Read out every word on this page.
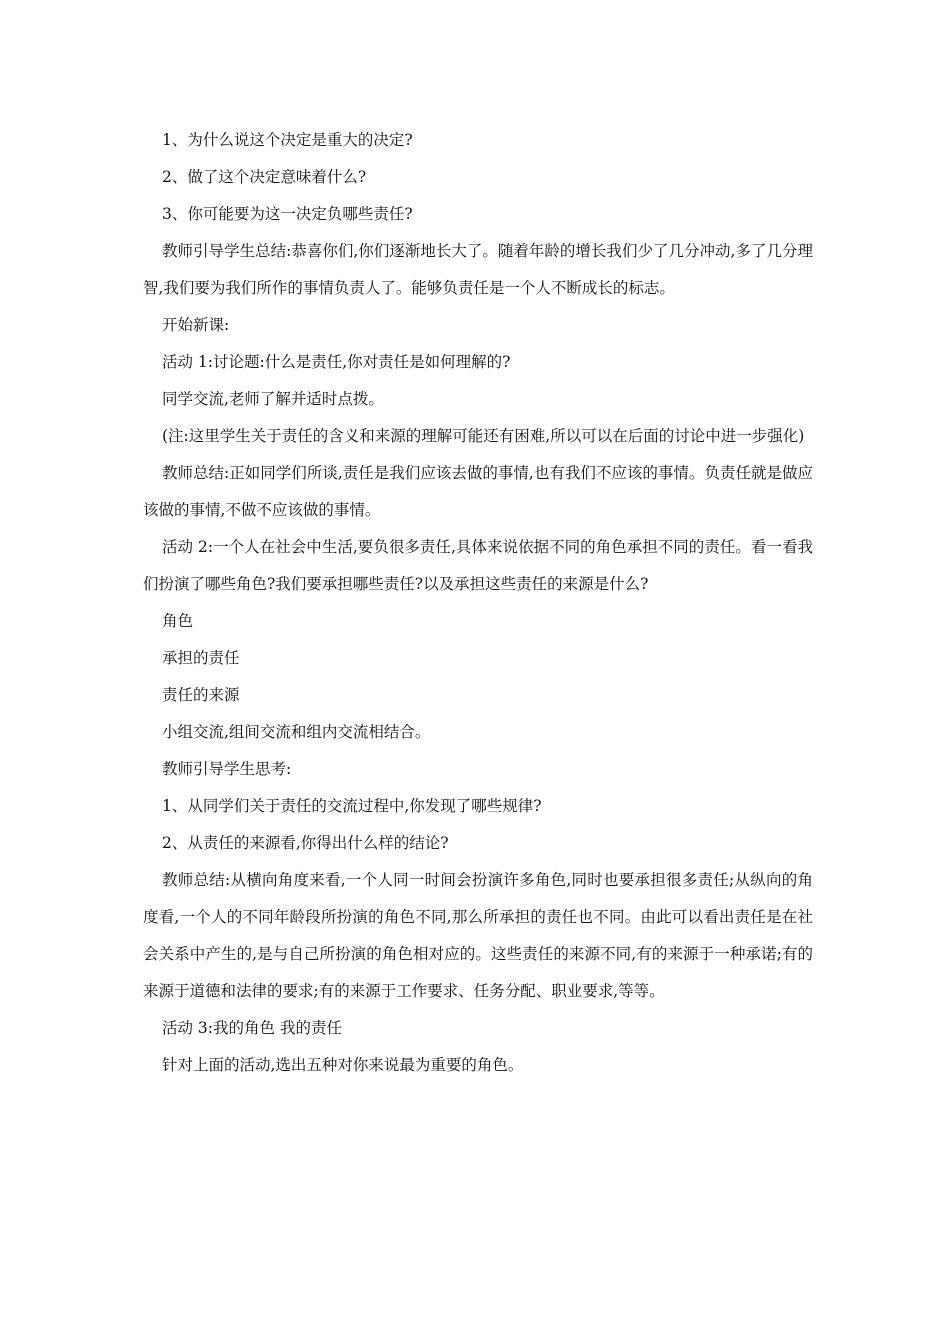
1、为什么说这个决定是重大的决定?

2、做了这个决定意味着什么?

3、你可能要为这一决定负哪些责任?

教师引导学生总结:恭喜你们,你们逐渐地长大了。随着年龄的增长我们少了几分冲动,多了几分理智,我们要为我们所作的事情负责人了。能够负责任是一个人不断成长的标志。

开始新课:

活动 1:讨论题:什么是责任,你对责任是如何理解的?

同学交流,老师了解并适时点拨。

(注:这里学生关于责任的含义和来源的理解可能还有困难,所以可以在后面的讨论中进一步强化)

教师总结:正如同学们所谈,责任是我们应该去做的事情,也有我们不应该的事情。负责任就是做应该做的事情,不做不应该做的事情。

活动 2:一个人在社会中生活,要负很多责任,具体来说依据不同的角色承担不同的责任。看一看我们扮演了哪些角色?我们要承担哪些责任?以及承担这些责任的来源是什么?

角色

承担的责任

责任的来源

小组交流,组间交流和组内交流相结合。

教师引导学生思考:

1、从同学们关于责任的交流过程中,你发现了哪些规律?

2、从责任的来源看,你得出什么样的结论?

教师总结:从横向角度来看,一个人同一时间会扮演许多角色,同时也要承担很多责任;从纵向的角度看,一个人的不同年龄段所扮演的角色不同,那么所承担的责任也不同。由此可以看出责任是在社会关系中产生的,是与自己所扮演的角色相对应的。这些责任的来源不同,有的来源于一种承诺;有的来源于道德和法律的要求;有的来源于工作要求、任务分配、职业要求,等等。

活动 3:我的角色 我的责任

针对上面的活动,选出五种对你来说最为重要的角色。
